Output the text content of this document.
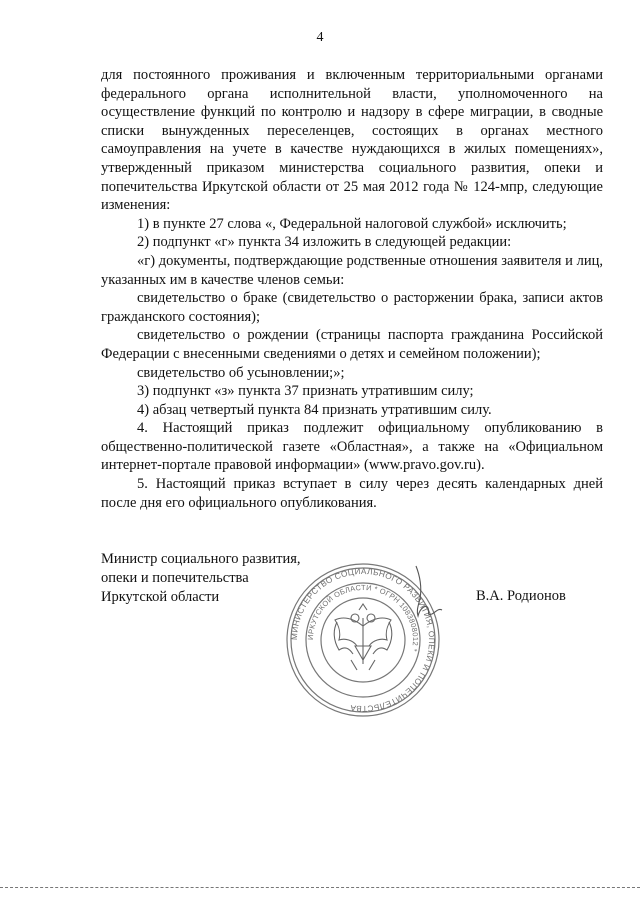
4

для постоянного проживания и включенным территориальными органами федерального органа исполнительной власти, уполномоченного на осуществление функций по контролю и надзору в сфере миграции, в сводные списки вынужденных переселенцев, состоящих в органах местного самоуправления на учете в качестве нуждающихся в жилых помещениях», утвержденный приказом министерства социального развития, опеки и попечительства Иркутской области от 25 мая 2012 года № 124-мпр, следующие изменения:

1) в пункте 27 слова «, Федеральной налоговой службой» исключить;

2) подпункт «г» пункта 34 изложить в следующей редакции:

«г) документы, подтверждающие родственные отношения заявителя и лиц, указанных им в качестве членов семьи:

свидетельство о браке (свидетельство о расторжении брака, записи актов гражданского состояния);

свидетельство о рождении (страницы паспорта гражданина Российской Федерации с внесенными сведениями о детях и семейном положении);

свидетельство об усыновлении;»;

3) подпункт «з» пункта 37 признать утратившим силу;

4) абзац четвертый пункта 84 признать утратившим силу.

4. Настоящий приказ подлежит официальному опубликованию в общественно-политической газете «Областная», а также на «Официальном интернет-портале правовой информации» (www.pravo.gov.ru).

5. Настоящий приказ вступает в силу через десять календарных дней после дня его официального опубликования.

Министр социального развития,
опеки и попечительства
Иркутской области
МИНИСТЕРСТВО СОЦИАЛЬНОГО РАЗВИТИЯ, ОПЕКИ И ПОПЕЧИТЕЛЬСТВА
ИРКУТСКОЙ ОБЛАСТИ * ОГРН 1083808012 *
В.А. Родионов
